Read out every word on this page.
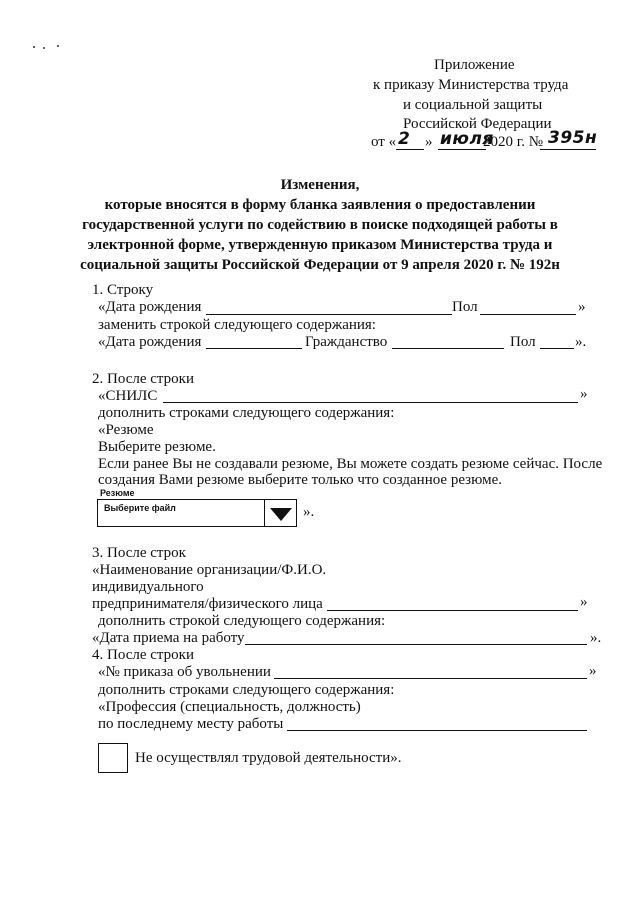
Приложение
к приказу Министерства труда
и социальной защиты
Российской Федерации
от « 2 » июля
2020 г. № 395н
Изменения,
которые вносятся в форму бланка заявления о предоставлении
государственной услуги по содействию в поиске подходящей работы в
электронной форме, утвержденную приказом Министерства труда и
социальной защиты Российской Федерации от 9 апреля 2020 г. № 192н
1. Строку
«Дата рождения	Пол	»
заменить строкой следующего содержания:
«Дата рождения	Гражданство	Пол	».
2. После строки
«СНИЛС	»
дополнить строками следующего содержания:
«Резюме
Выберите резюме.
Если ранее Вы не создавали резюме, Вы можете создать резюме сейчас. После
создания Вами резюме выберите только что созданное резюме.
Резюме
Выберите файл	».
3. После строк
«Наименование организации/Ф.И.О.
индивидуального
предпринимателя/физического лица	»
дополнить строкой следующего содержания:
«Дата приема на работу	».
4. После строки
«№ приказа об увольнении	»
дополнить строками следующего содержания:
«Профессия (специальность, должность)
по последнему месту работы
Не осуществлял трудовой деятельности».
